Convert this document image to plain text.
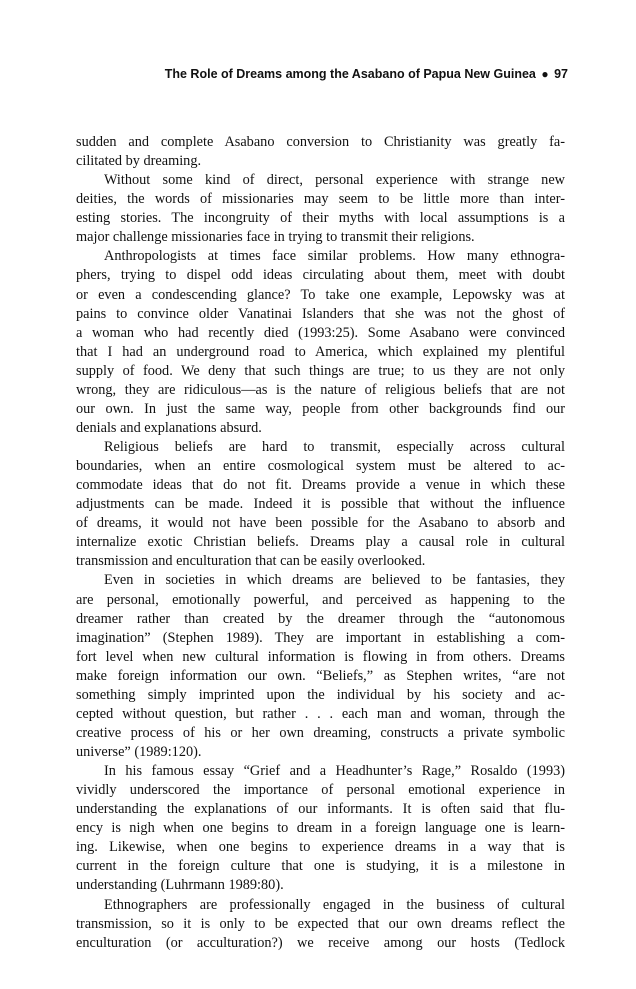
The Role of Dreams among the Asabano of Papua New Guinea ● 97
sudden and complete Asabano conversion to Christianity was greatly fa-
cilitated by dreaming.
Without some kind of direct, personal experience with strange new
deities, the words of missionaries may seem to be little more than inter-
esting stories. The incongruity of their myths with local assumptions is a
major challenge missionaries face in trying to transmit their religions.
Anthropologists at times face similar problems. How many ethnogra-
phers, trying to dispel odd ideas circulating about them, meet with doubt
or even a condescending glance? To take one example, Lepowsky was at
pains to convince older Vanatinai Islanders that she was not the ghost of
a woman who had recently died (1993:25). Some Asabano were convinced
that I had an underground road to America, which explained my plentiful
supply of food. We deny that such things are true; to us they are not only
wrong, they are ridiculous—as is the nature of religious beliefs that are not
our own. In just the same way, people from other backgrounds find our
denials and explanations absurd.
Religious beliefs are hard to transmit, especially across cultural
boundaries, when an entire cosmological system must be altered to ac-
commodate ideas that do not fit. Dreams provide a venue in which these
adjustments can be made. Indeed it is possible that without the influence
of dreams, it would not have been possible for the Asabano to absorb and
internalize exotic Christian beliefs. Dreams play a causal role in cultural
transmission and enculturation that can be easily overlooked.
Even in societies in which dreams are believed to be fantasies, they
are personal, emotionally powerful, and perceived as happening to the
dreamer rather than created by the dreamer through the “autonomous
imagination” (Stephen 1989). They are important in establishing a com-
fort level when new cultural information is flowing in from others. Dreams
make foreign information our own. “Beliefs,” as Stephen writes, “are not
something simply imprinted upon the individual by his society and ac-
cepted without question, but rather . . . each man and woman, through the
creative process of his or her own dreaming, constructs a private symbolic
universe” (1989:120).
In his famous essay “Grief and a Headhunter’s Rage,” Rosaldo (1993)
vividly underscored the importance of personal emotional experience in
understanding the explanations of our informants. It is often said that flu-
ency is nigh when one begins to dream in a foreign language one is learn-
ing. Likewise, when one begins to experience dreams in a way that is
current in the foreign culture that one is studying, it is a milestone in
understanding (Luhrmann 1989:80).
Ethnographers are professionally engaged in the business of cultural
transmission, so it is only to be expected that our own dreams reflect the
enculturation (or acculturation?) we receive among our hosts (Tedlock
